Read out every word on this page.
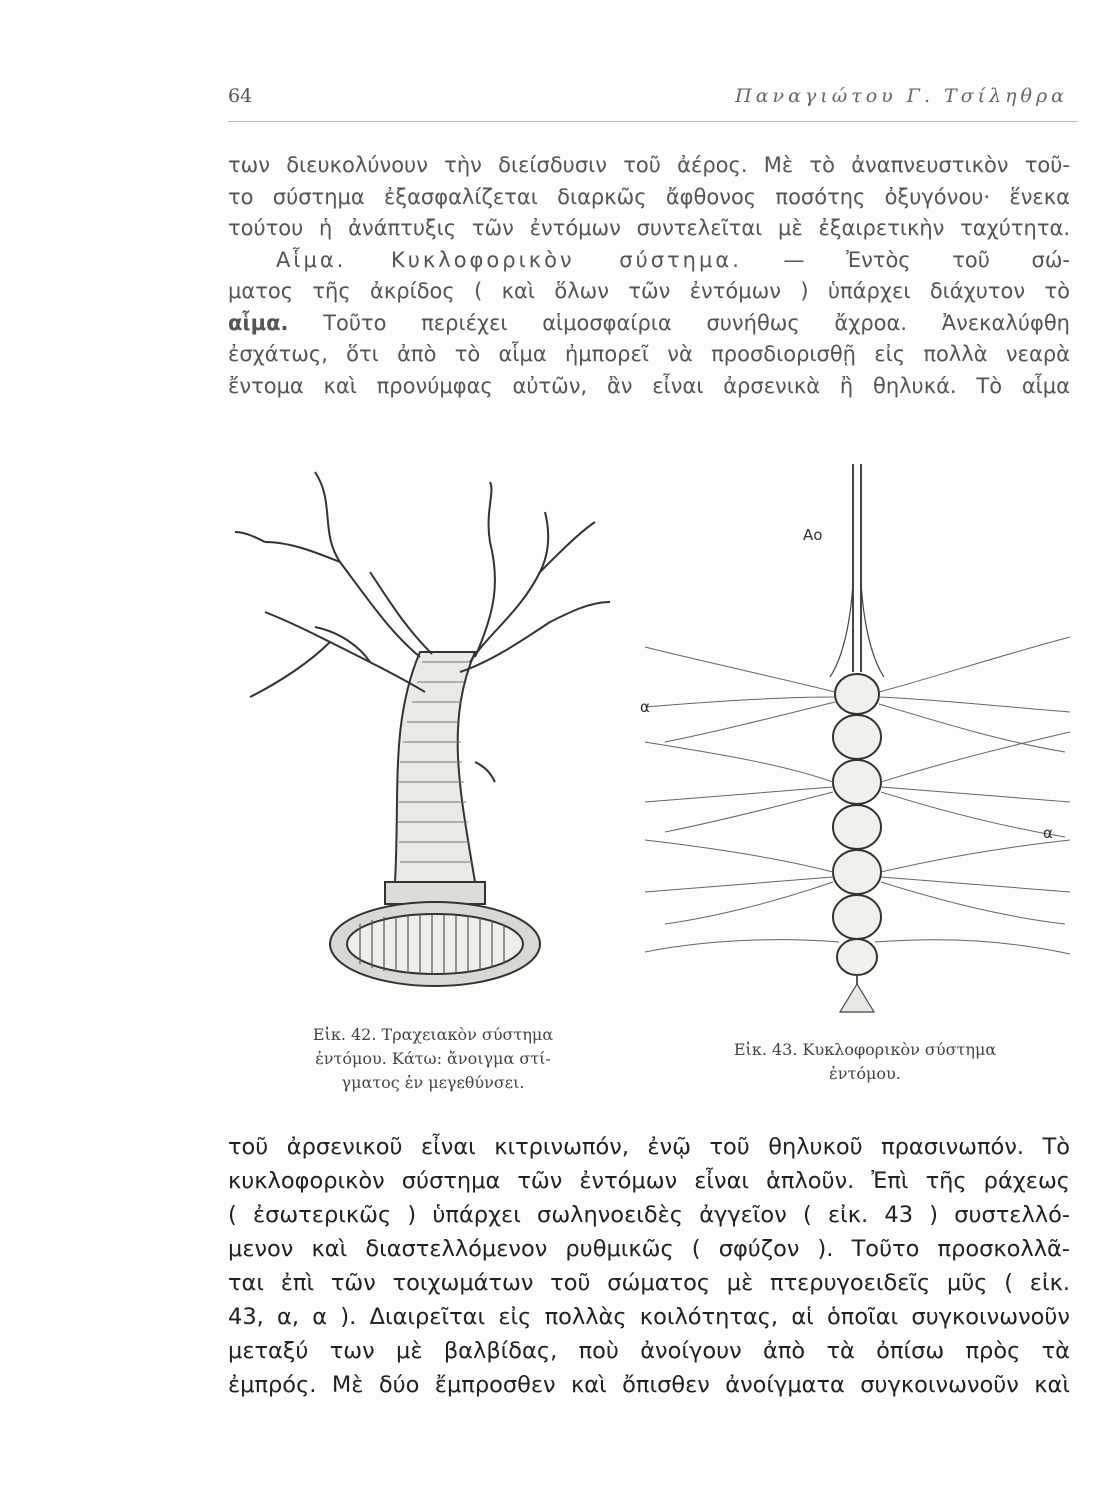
64	Παναγιώτου Γ. Τσίληθρα
των διευκολύνουν τὴν διείσδυσιν τοῦ ἀέρος. Μὲ τὸ ἀναπνευστικὸν τοῦ-
το σύστημα ἐξασφαλίζεται διαρκῶς ἄφθονος ποσότης ὀξυγόνου· ἕνεκα
τούτου ἡ ἀνάπτυξις τῶν ἐντόμων συντελεῖται μὲ ἐξαιρετικὴν ταχύτητα.
Αἷμα. Κυκλοφορικὸν σύστημα. — Ἐντὸς τοῦ σώ-
ματος τῆς ἀκρίδος ( καὶ ὅλων τῶν ἐντόμων ) ὑπάρχει διάχυτον τὸ
αἷμα. Τοῦτο περιέχει αἱμοσφαίρια συνήθως ἄχροα. Ἀνεκαλύφθη
ἐσχάτως, ὅτι ἀπὸ τὸ αἷμα ἠμπορεῖ νὰ προσδιορισθῇ εἰς πολλὰ νεαρὰ
ἔντομα καὶ προνύμφας αὐτῶν, ἂν εἶναι ἀρσενικὰ ἢ θηλυκά. Τὸ αἷμα
Εἰκ. 42. Τραχειακὸν σύστημα
ἐντόμου. Κάτω: ἄνοιγμα στί-
γματος ἐν μεγεθύνσει.
Αο
α
α
Εἰκ. 43. Κυκλοφορικὸν σύστημα
ἐντόμου.
τοῦ ἀρσενικοῦ εἶναι κιτρινωπόν, ἐνῷ τοῦ θηλυκοῦ πρασινωπόν. Τὸ
κυκλοφορικὸν σύστημα τῶν ἐντόμων εἶναι ἁπλοῦν. Ἐπὶ τῆς ράχεως
( ἐσωτερικῶς ) ὑπάρχει σωληνοειδὲς ἀγγεῖον ( εἰκ. 43 ) συστελλό-
μενον καὶ διαστελλόμενον ρυθμικῶς ( σφύζον ). Τοῦτο προσκολλᾶ-
ται ἐπὶ τῶν τοιχωμάτων τοῦ σώματος μὲ πτερυγοειδεῖς μῦς ( εἰκ.
43, α, α ). Διαιρεῖται εἰς πολλὰς κοιλότητας, αἱ ὁποῖαι συγκοινωνοῦν
μεταξύ των μὲ βαλβίδας, ποὺ ἀνοίγουν ἀπὸ τὰ ὀπίσω πρὸς τὰ
ἐμπρός. Μὲ δύο ἔμπροσθεν καὶ ὄπισθεν ἀνοίγματα συγκοινωνοῦν καὶ
